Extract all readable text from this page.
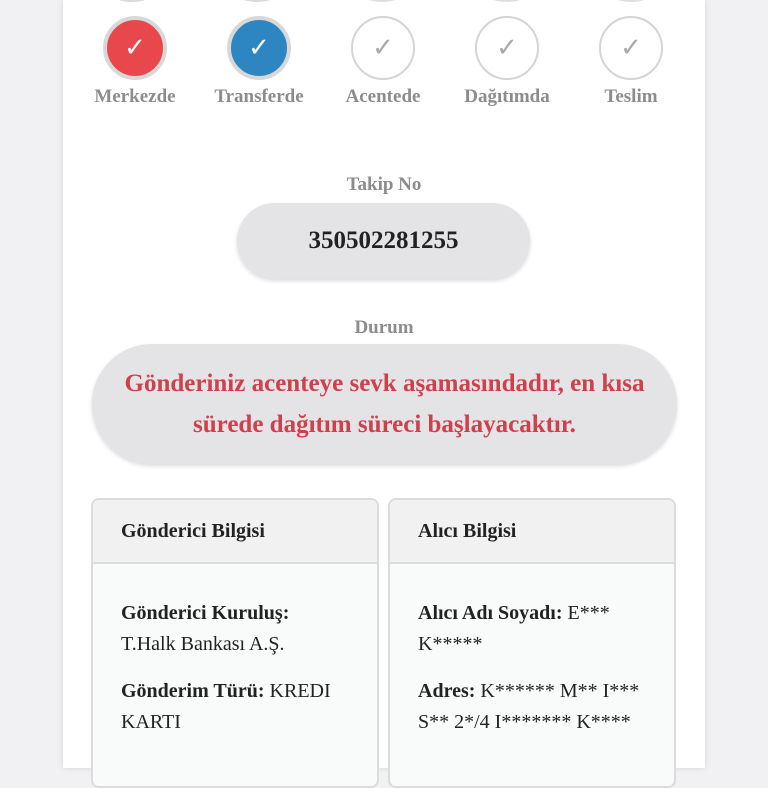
✓
Merkezde
✓
Transferde
✓
Acentede
✓
Dağıtımda
✓
Teslim
Takip No
350502281255
Durum
Gönderiniz acenteye sevk aşamasındadır, en kısa sürede dağıtım süreci başlayacaktır.
Gönderici Bilgisi
Gönderici Kuruluş:
T.Halk Bankası A.Ş.
Gönderim Türü: KREDI KARTI
Alıcı Bilgisi
Alıcı Adı Soyadı: E*** K*****
Adres: K****** M** I*** S** 2*/4 I******* K****
